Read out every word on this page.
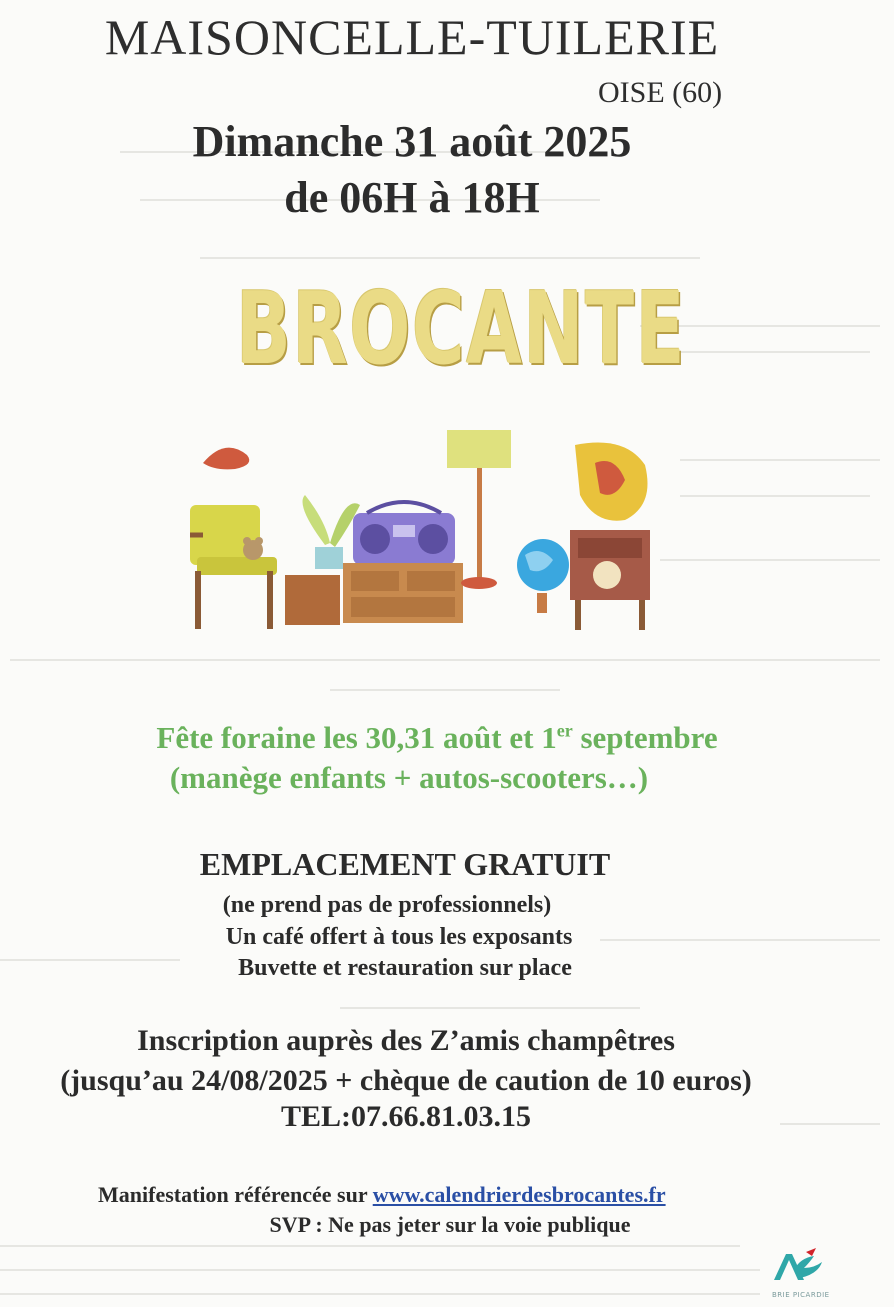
MAISONCELLE-TUILERIE
OISE (60)
Dimanche 31 août 2025
de 06H à 18H
BROCANTE
Fête foraine les 30,31 août et 1er septembre
(manège enfants + autos-scooters…)
EMPLACEMENT GRATUIT
(ne prend pas de professionnels)
Un café offert à tous les exposants
Buvette et restauration sur place
Inscription auprès des Z’amis champêtres
(jusqu’au 24/08/2025 + chèque de caution de 10 euros)
TEL:07.66.81.03.15
Manifestation référencée sur www.calendrierdesbrocantes.fr
SVP : Ne pas jeter sur la voie publique
BRIE PICARDIE
